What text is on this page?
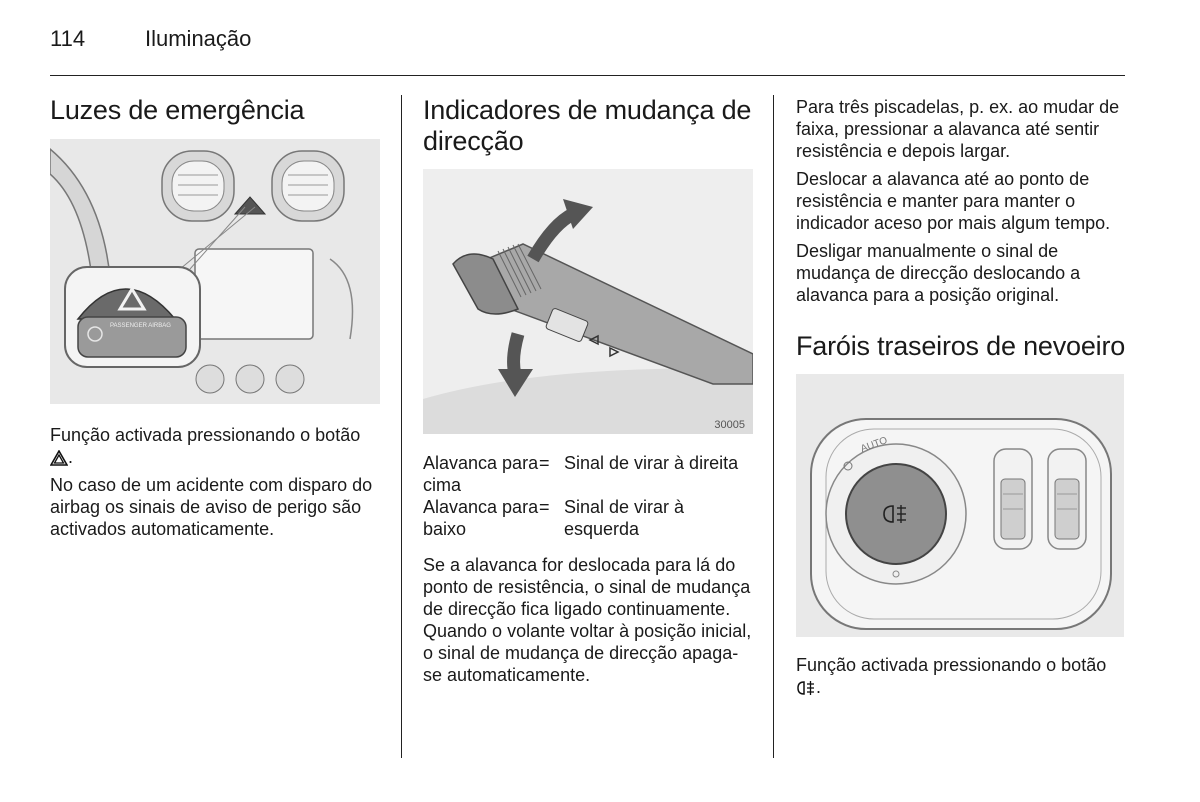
114	Iluminação
Luzes de emergência
PASSENGER AIRBAG

Função activada pressionando o botão .

No caso de um acidente com disparo do airbag os sinais de aviso de perigo são activados automaticamente.

Indicadores de mudança de direcção
30005
Alavanca para cima
= Sinal de virar à direita
Alavanca para baixo
= Sinal de virar à esquerda

Se a alavanca for deslocada para lá do ponto de resistência, o sinal de mudança de direcção fica ligado continuamente. Quando o volante voltar à posição inicial, o sinal de mudança de direcção apaga-se automaticamente.

Para três piscadelas, p. ex. ao mudar de faixa, pressionar a alavanca até sentir resistência e depois largar.

Deslocar a alavanca até ao ponto de resistência e manter para manter o indicador aceso por mais algum tempo.

Desligar manualmente o sinal de mudança de direcção deslocando a alavanca para a posição original.

Faróis traseiros de nevoeiro
AUTO

Função activada pressionando o botão .
